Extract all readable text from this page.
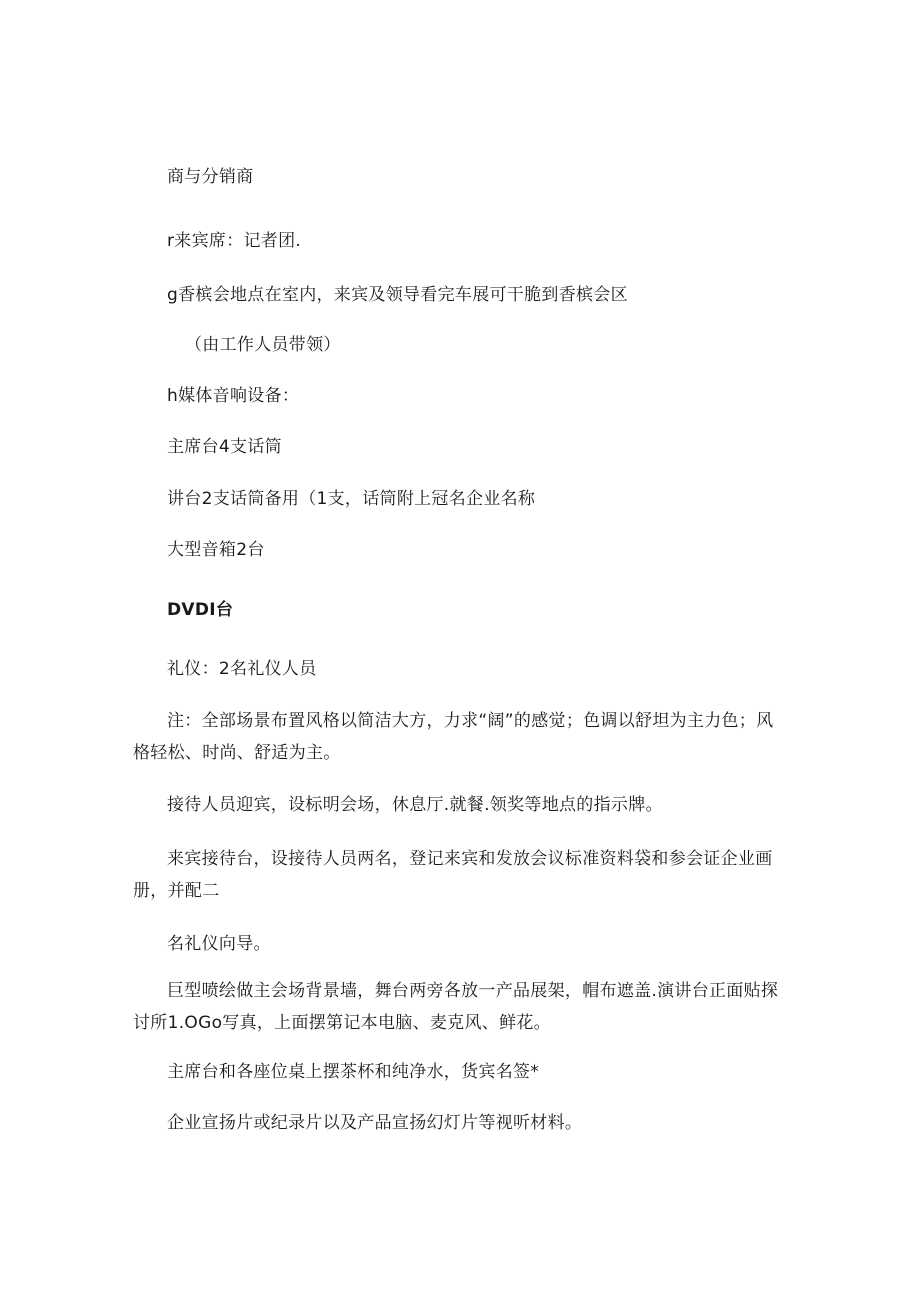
商与分销商
r来宾席：记者团.
g香槟会地点在室内，来宾及领导看完车展可干脆到香槟会区
（由工作人员带领）
h媒体音响设备：
主席台4支话筒
讲台2支话筒备用（1支，话筒附上冠名企业名称
大型音箱2台
DVDI台
礼仪：2名礼仪人员
注：全部场景布置风格以简洁大方，力求“阔”的感觉；色调以舒坦为主力色；风格轻松、时尚、舒适为主。
接待人员迎宾，设标明会场，休息厅.就餐.领奖等地点的指示牌。
来宾接待台，设接待人员两名，登记来宾和发放会议标准资料袋和参会证企业画册，并配二
名礼仪向导。
巨型喷绘做主会场背景墙，舞台两旁各放一产品展架，帽布遮盖.演讲台正面贴探讨所1.OGo写真，上面摆第记本电脑、麦克风、鲜花。
主席台和各座位桌上摆茶杯和纯净水，货宾名签*
企业宣扬片或纪录片以及产品宣扬幻灯片等视听材料。
